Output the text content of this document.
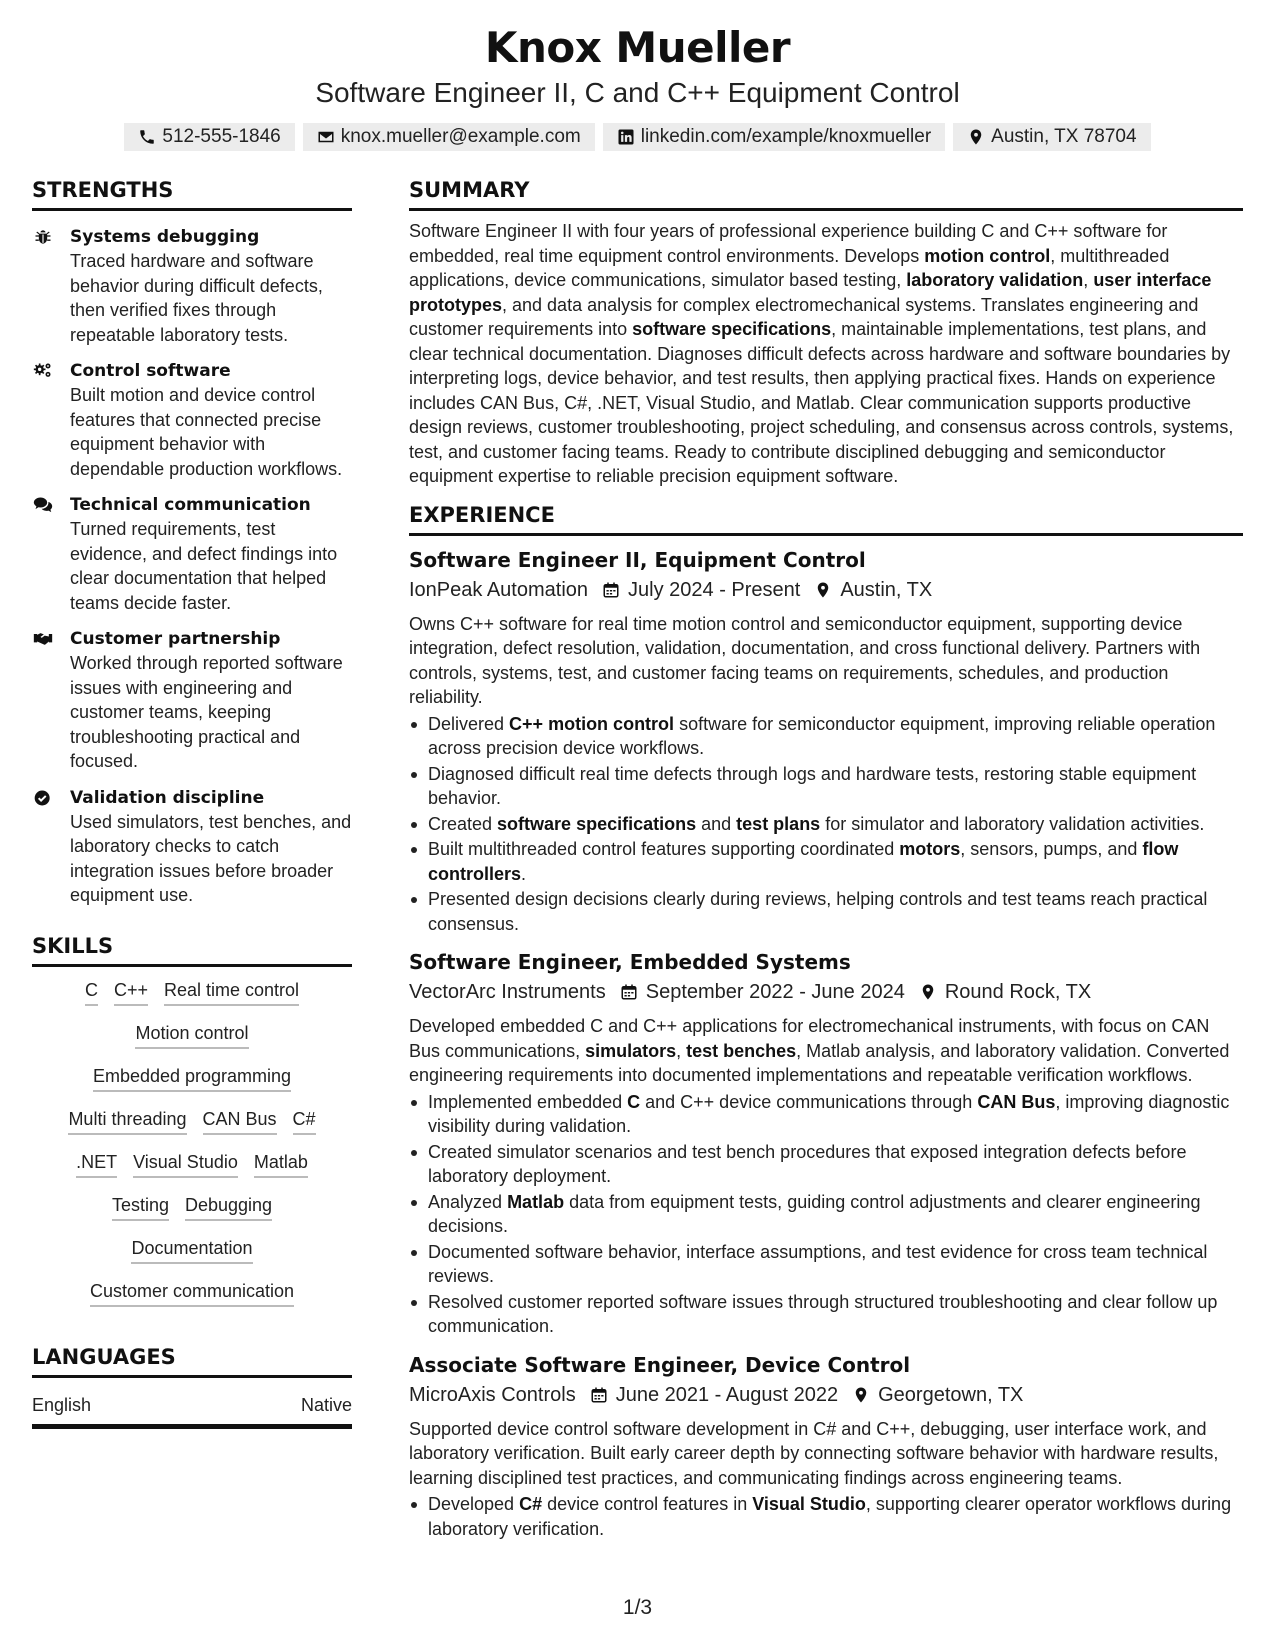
Knox Mueller
Software Engineer II, C and C++ Equipment Control
512-555-1846	knox.mueller@example.com	linkedin.com/example/knoxmueller	Austin, TX 78704
STRENGTHS
Systems debugging
Traced hardware and software behavior during difficult defects, then verified fixes through repeatable laboratory tests.
Control software
Built motion and device control features that connected precise equipment behavior with dependable production workflows.
Technical communication
Turned requirements, test evidence, and defect findings into clear documentation that helped teams decide faster.
Customer partnership
Worked through reported software issues with engineering and customer teams, keeping troubleshooting practical and focused.
Validation discipline
Used simulators, test benches, and laboratory checks to catch integration issues before broader equipment use.
SKILLS
C C++ Real time control
Motion control
Embedded programming
Multi threading CAN Bus C#
.NET Visual Studio Matlab
Testing Debugging
Documentation
Customer communication
LANGUAGES
English	Native
SUMMARY
Software Engineer II with four years of professional experience building C and C++ software for embedded, real time equipment control environments. Develops motion control, multithreaded applications, device communications, simulator based testing, laboratory validation, user interface prototypes, and data analysis for complex electromechanical systems. Translates engineering and customer requirements into software specifications, maintainable implementations, test plans, and clear technical documentation. Diagnoses difficult defects across hardware and software boundaries by interpreting logs, device behavior, and test results, then applying practical fixes. Hands on experience includes CAN Bus, C#, .NET, Visual Studio, and Matlab. Clear communication supports productive design reviews, customer troubleshooting, project scheduling, and consensus across controls, systems, test, and customer facing teams. Ready to contribute disciplined debugging and semiconductor equipment expertise to reliable precision equipment software.
EXPERIENCE
Software Engineer II, Equipment Control
IonPeak Automation July 2024 - Present Austin, TX
Owns C++ software for real time motion control and semiconductor equipment, supporting device integration, defect resolution, validation, documentation, and cross functional delivery. Partners with controls, systems, test, and customer facing teams on requirements, schedules, and production reliability.
Delivered C++ motion control software for semiconductor equipment, improving reliable operation across precision device workflows.
Diagnosed difficult real time defects through logs and hardware tests, restoring stable equipment behavior.
Created software specifications and test plans for simulator and laboratory validation activities.
Built multithreaded control features supporting coordinated motors, sensors, pumps, and flow controllers.
Presented design decisions clearly during reviews, helping controls and test teams reach practical consensus.
Software Engineer, Embedded Systems
VectorArc Instruments September 2022 - June 2024 Round Rock, TX
Developed embedded C and C++ applications for electromechanical instruments, with focus on CAN Bus communications, simulators, test benches, Matlab analysis, and laboratory validation. Converted engineering requirements into documented implementations and repeatable verification workflows.
Implemented embedded C and C++ device communications through CAN Bus, improving diagnostic visibility during validation.
Created simulator scenarios and test bench procedures that exposed integration defects before laboratory deployment.
Analyzed Matlab data from equipment tests, guiding control adjustments and clearer engineering decisions.
Documented software behavior, interface assumptions, and test evidence for cross team technical reviews.
Resolved customer reported software issues through structured troubleshooting and clear follow up communication.
Associate Software Engineer, Device Control
MicroAxis Controls June 2021 - August 2022 Georgetown, TX
Supported device control software development in C# and C++, debugging, user interface work, and laboratory verification. Built early career depth by connecting software behavior with hardware results, learning disciplined test practices, and communicating findings across engineering teams.
Developed C# device control features in Visual Studio, supporting clearer operator workflows during laboratory verification.
1/3
